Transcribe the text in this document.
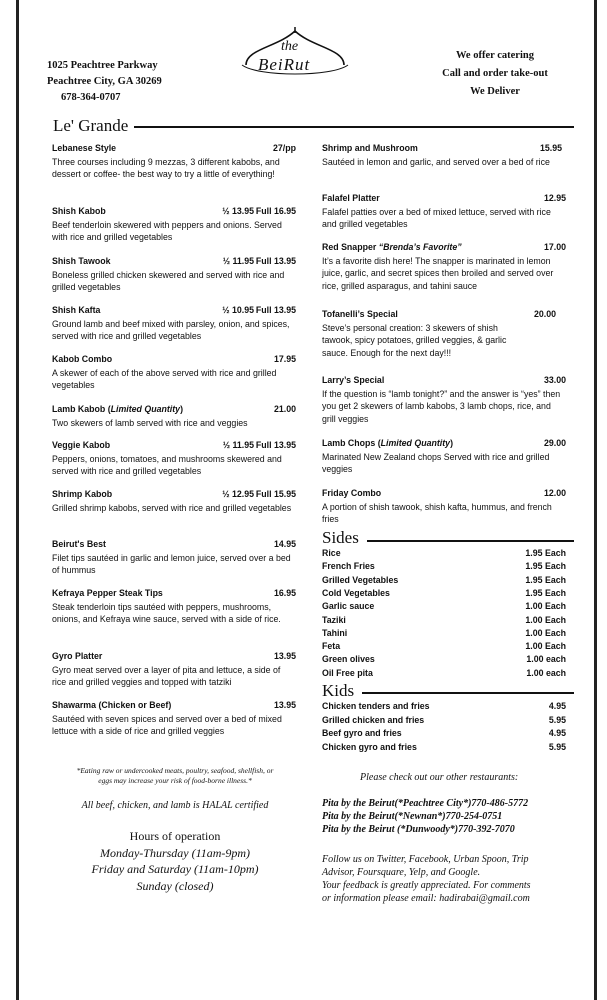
1025 Peachtree Parkway
Peachtree City, GA 30269
678-364-0707
the
BeiRut	We offer catering
Call and order take-out
We Deliver
Le' Grande
Lebanese Style	27/pp
Three courses including 9 mezzas, 3 different kabobs, and dessert or coffee- the best way to try a little of everything!
Shish Kabob	½ 13.95 Full 16.95
Beef tenderloin skewered with peppers and onions. Served with rice and grilled vegetables
Shish Tawook	½ 11.95 Full 13.95
Boneless grilled chicken skewered and served with rice and grilled vegetables
Shish Kafta	½ 10.95 Full 13.95
Ground lamb and beef mixed with parsley, onion, and spices, served with rice and grilled vegetables
Kabob Combo	17.95
A skewer of each of the above served with rice and grilled vegetables
Lamb Kabob (Limited Quantity)	21.00
Two skewers of lamb served with rice and veggies
Veggie Kabob	½ 11.95 Full 13.95
Peppers, onions, tomatoes, and mushrooms skewered and served with rice and grilled vegetables
Shrimp Kabob	½ 12.95 Full 15.95
Grilled shrimp kabobs, served with rice and grilled vegetables
Beirut's Best	14.95
Filet tips sautéed in garlic and lemon juice, served over a bed of hummus
Kefraya Pepper Steak Tips	16.95
Steak tenderloin tips sautéed with peppers, mushrooms, onions, and Kefraya wine sauce, served with a side of rice.
Gyro Platter	13.95
Gyro meat served over a layer of pita and lettuce, a side of rice and grilled veggies and topped with tatziki
Shawarma (Chicken or Beef)	13.95
Sautéed with seven spices and served over a bed of mixed lettuce with a side of rice and grilled veggies
Shrimp and Mushroom	15.95
Sautéed in lemon and garlic, and served over a bed of rice
Falafel Platter	12.95
Falafel patties over a bed of mixed lettuce, served with rice and grilled vegetables
Red Snapper “Brenda’s Favorite”	17.00
It’s a favorite dish here! The snapper is marinated in lemon juice, garlic, and secret spices then broiled and served over rice, grilled asparagus, and tahini sauce
Tofanelli’s Special	20.00
Steve’s personal creation: 3 skewers of shish tawook, spicy potatoes, grilled veggies, & garlic sauce. Enough for the next day!!!
Larry’s Special	33.00
If the question is “lamb tonight?” and the answer is “yes” then you get 2 skewers of lamb kabobs, 3 lamb chops, rice, and grill veggies
Lamb Chops (Limited Quantity)	29.00
Marinated New Zealand chops Served with rice and grilled veggies
Friday Combo	12.00
A portion of shish tawook, shish kafta, hummus, and french fries
Sides
Rice	1.95 Each
French Fries	1.95 Each
Grilled Vegetables	1.95 Each
Cold Vegetables	1.95 Each
Garlic sauce	1.00 Each
Taziki	1.00 Each
Tahini	1.00 Each
Feta	1.00 Each
Green olives	1.00 each
Oil Free pita	1.00 each
Kids
Chicken tenders and fries	4.95
Grilled chicken and fries	5.95
Beef gyro and fries	4.95
Chicken gyro and fries	5.95
*Eating raw or undercooked meats, poultry, seafood, shellfish, or
eggs may increase your risk of food-borne illness.*
All beef, chicken, and lamb is HALAL certified
Hours of operation
Monday-Thursday (11am-9pm)
Friday and Saturday (11am-10pm)
Sunday (closed)
Please check out our other restaurants:
Pita by the Beirut(*Peachtree City*)770-486-5772
Pita by the Beirut(*Newnan*)770-254-0751
Pita by the Beirut (*Dunwoody*)770-392-7070
Follow us on Twitter, Facebook, Urban Spoon, Trip
Advisor, Foursquare, Yelp, and Google.
Your feedback is greatly appreciated. For comments
or information please email: hadirabai@gmail.com
